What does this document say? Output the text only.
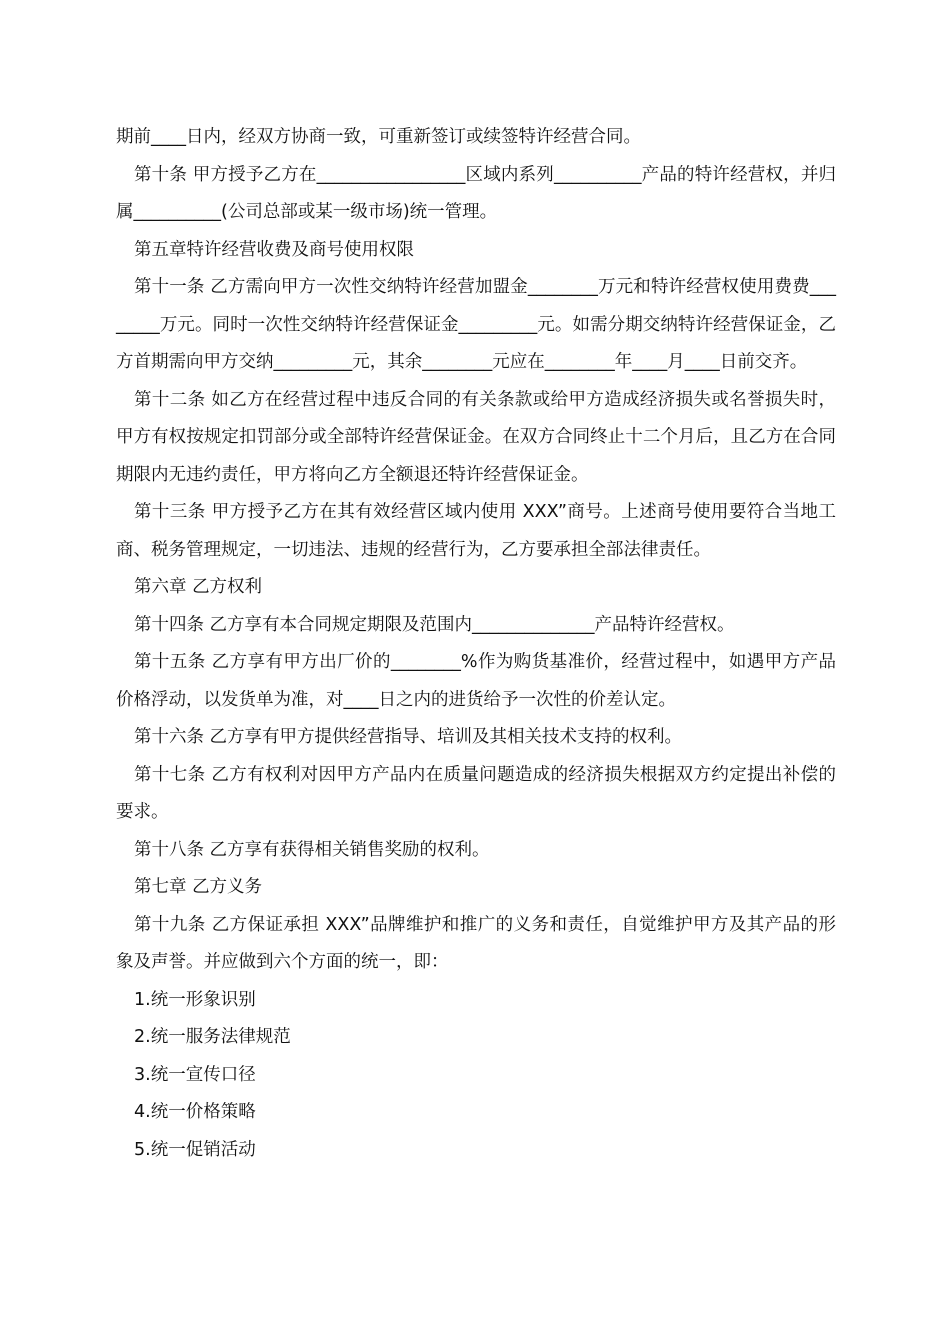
期前____日内，经双方协商一致，可重新签订或续签特许经营合同。

第十条 甲方授予乙方在_________________区域内系列__________产品的特许经营权，并归属__________(公司总部或某一级市场)统一管理。

第五章特许经营收费及商号使用权限

第十一条 乙方需向甲方一次性交纳特许经营加盟金________万元和特许经营权使用费费________万元。同时一次性交纳特许经营保证金_________元。如需分期交纳特许经营保证金，乙方首期需向甲方交纳_________元，其余________元应在________年____月____日前交齐。

第十二条 如乙方在经营过程中违反合同的有关条款或给甲方造成经济损失或名誉损失时，甲方有权按规定扣罚部分或全部特许经营保证金。在双方合同终止十二个月后，且乙方在合同期限内无违约责任，甲方将向乙方全额退还特许经营保证金。

第十三条 甲方授予乙方在其有效经营区域内使用 XXX”商号。上述商号使用要符合当地工商、税务管理规定，一切违法、违规的经营行为，乙方要承担全部法律责任。

第六章 乙方权利

第十四条 乙方享有本合同规定期限及范围内______________产品特许经营权。

第十五条 乙方享有甲方出厂价的________%作为购货基准价，经营过程中，如遇甲方产品价格浮动，以发货单为准，对____日之内的进货给予一次性的价差认定。

第十六条 乙方享有甲方提供经营指导、培训及其相关技术支持的权利。

第十七条 乙方有权利对因甲方产品内在质量问题造成的经济损失根据双方约定提出补偿的要求。

第十八条 乙方享有获得相关销售奖励的权利。

第七章 乙方义务

第十九条 乙方保证承担 XXX”品牌维护和推广的义务和责任，自觉维护甲方及其产品的形象及声誉。并应做到六个方面的统一，即：

1.统一形象识别

2.统一服务法律规范

3.统一宣传口径

4.统一价格策略

5.统一促销活动
